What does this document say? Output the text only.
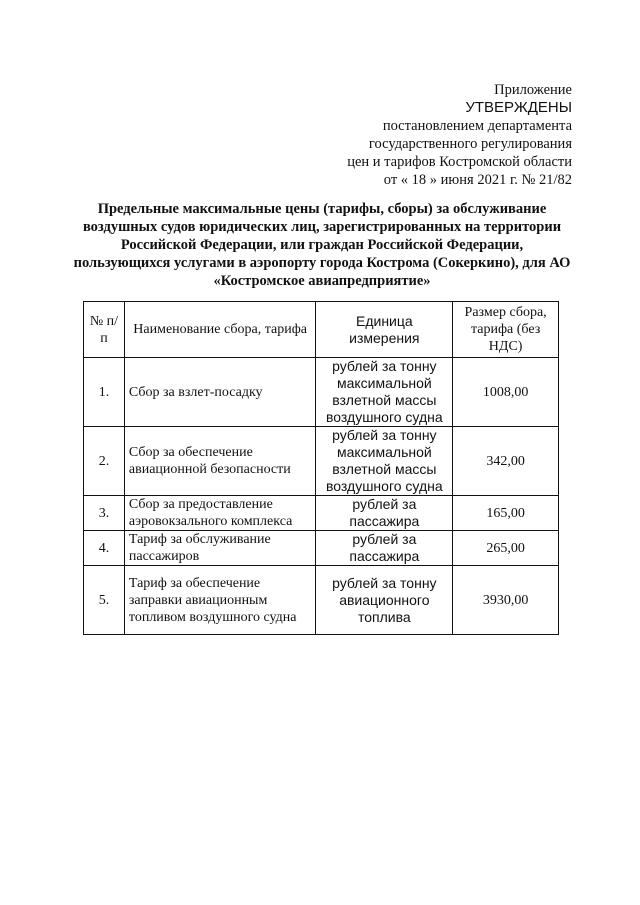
Приложение
УТВЕРЖДЕНЫ
постановлением департамента
государственного регулирования
цен и тарифов Костромской области
от « 18 » июня 2021 г. № 21/82
Предельные максимальные цены (тарифы, сборы) за обслуживание воздушных судов юридических лиц, зарегистрированных на территории Российской Федерации, или граждан Российской Федерации, пользующихся услугами в аэропорту города Кострома (Сокеркино), для АО «Костромское авиапредприятие»
№ п/п	Наименование сбора, тарифа	Единица измерения	Размер сбора, тарифа (без НДС)
1.	Сбор за взлет-посадку	рублей за тонну максимальной взлетной массы воздушного судна	1008,00
2.	Сбор за обеспечение авиационной безопасности	рублей за тонну максимальной взлетной массы воздушного судна	342,00
3.	Сбор за предоставление аэровокзального комплекса	рублей за пассажира	165,00
4.	Тариф за обслуживание пассажиров	рублей за пассажира	265,00
5.	Тариф за обеспечение заправки авиационным топливом воздушного судна	рублей за тонну авиационного топлива	3930,00
